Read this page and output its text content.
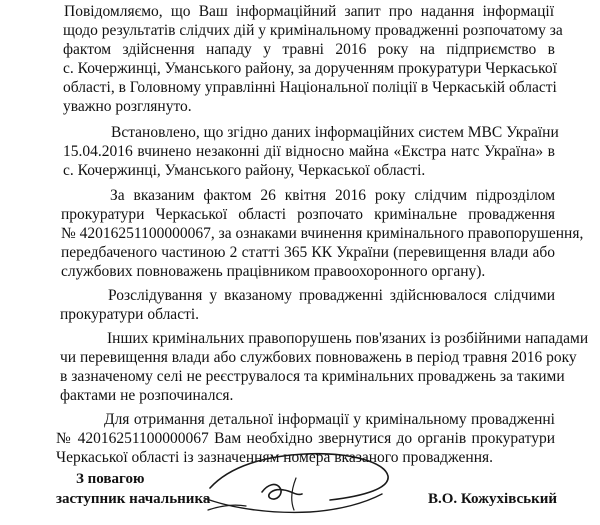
Повідомляємо, що Ваш інформаційний запит про надання інформації

щодо результатів слідчих дій у кримінальному провадженні розпочатому за

фактом здійснення нападу у травні 2016 року на підприємство в

с. Кочержинці, Уманського району, за дорученням прокуратури Черкаської

області, в Головному управлінні Національної поліції в Черкаській області

уважно розглянуто.

Встановлено, що згідно даних інформаційних систем МВС України

15.04.2016 вчинено незаконні дії відносно майна «Екстра натс Україна» в

с. Кочержинці, Уманського району, Черкаської області.

За вказаним фактом 26 квітня 2016 року слідчим підрозділом

прокуратури Черкаської області розпочато кримінальне провадження

№ 42016251100000067, за ознаками вчинення кримінального правопорушення,

передбаченого частиною 2 статті 365 КК України (перевищення влади або

службових повноважень працівником правоохоронного органу).

Розслідування у вказаному провадженні здійснювалося слідчими

прокуратури області.

Інших кримінальних правопорушень пов'язаних із розбійними нападами

чи перевищення влади або службових повноважень в період травня 2016 року

в зазначеному селі не реєструвалося та кримінальних проваджень за такими

фактами не розпочинался.

Для отримання детальної інформації у кримінальному провадженні

№ 42016251100000067 Вам необхідно звернутися до органів прокуратури

Черкаської області із зазначенням номера вказаного провадження.

З повагою
заступник начальника	В.О. Кожухівський
